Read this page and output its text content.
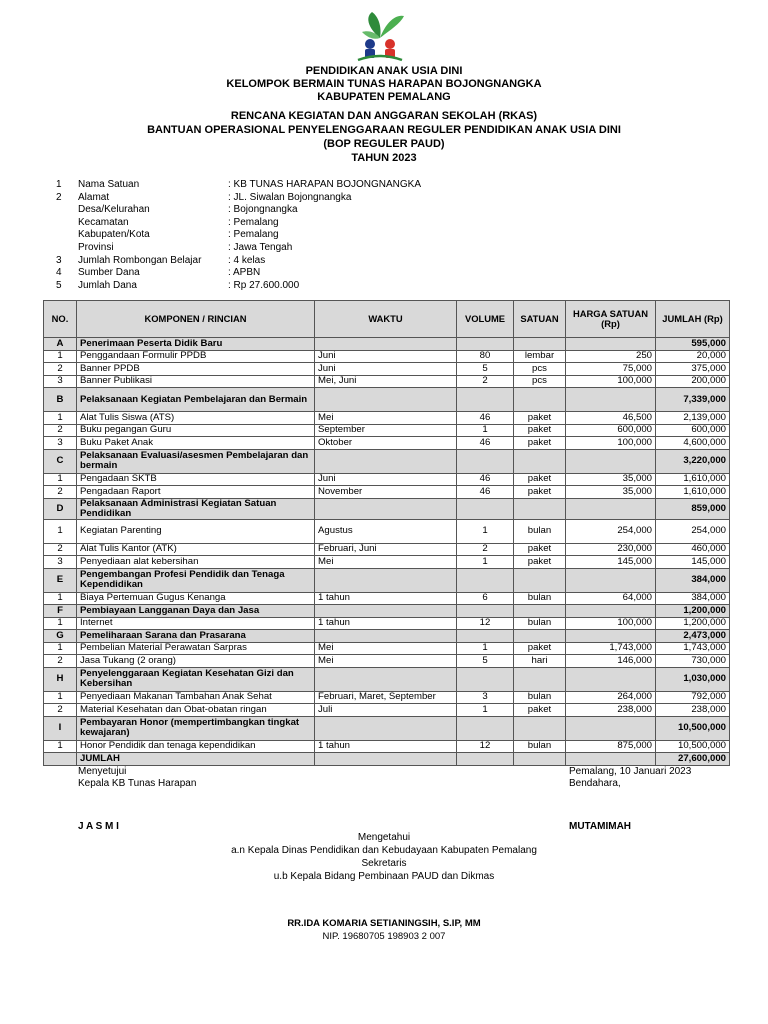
PENDIDIKAN ANAK USIA DINI
KELOMPOK BERMAIN TUNAS HARAPAN BOJONGNANGKA
KABUPATEN PEMALANG
RENCANA KEGIATAN DAN ANGGARAN SEKOLAH (RKAS)
BANTUAN OPERASIONAL PENYELENGGARAAN REGULER PENDIDIKAN ANAK USIA DINI
(BOP REGULER PAUD)
TAHUN 2023
1	Nama Satuan	: KB TUNAS HARAPAN BOJONGNANGKA
2	Alamat	: JL. Siwalan Bojongnangka
Desa/Kelurahan	: Bojongnangka
Kecamatan	: Pemalang
Kabupaten/Kota	: Pemalang
Provinsi	: Jawa Tengah
3	Jumlah Rombongan Belajar	: 4 kelas
4	Sumber Dana	: APBN
5	Jumlah Dana	: Rp 27.600.000
NO.	KOMPONEN / RINCIAN	WAKTU	VOLUME	SATUAN	HARGA SATUAN (Rp)	JUMLAH (Rp)
A	Penerimaan Peserta Didik Baru					595,000
1	Penggandaan Formulir PPDB	Juni	80	lembar	250	20,000
2	Banner PPDB	Juni	5	pcs	75,000	375,000
3	Banner Publikasi	Mei, Juni	2	pcs	100,000	200,000
B	Pelaksanaan Kegiatan Pembelajaran dan Bermain					7,339,000
1	Alat Tulis Siswa (ATS)	Mei	46	paket	46,500	2,139,000
2	Buku pegangan Guru	September	1	paket	600,000	600,000
3	Buku Paket Anak	Oktober	46	paket	100,000	4,600,000
C	Pelaksanaan Evaluasi/asesmen Pembelajaran dan bermain					3,220,000
1	Pengadaan SKTB	Juni	46	paket	35,000	1,610,000
2	Pengadaan Raport	November	46	paket	35,000	1,610,000
D	Pelaksanaan Administrasi Kegiatan Satuan Pendidikan					859,000
1	Kegiatan Parenting	Agustus	1	bulan	254,000	254,000
2	Alat Tulis Kantor (ATK)	Februari, Juni	2	paket	230,000	460,000
3	Penyediaan alat kebersihan	Mei	1	paket	145,000	145,000
E	Pengembangan Profesi Pendidik dan Tenaga Kependidikan					384,000
1	Biaya Pertemuan Gugus Kenanga	1 tahun	6	bulan	64,000	384,000
F	Pembiayaan Langganan Daya dan Jasa					1,200,000
1	Internet	1 tahun	12	bulan	100,000	1,200,000
G	Pemeliharaan Sarana dan Prasarana					2,473,000
1	Pembelian Material Perawatan Sarpras	Mei	1	paket	1,743,000	1,743,000
2	Jasa Tukang (2 orang)	Mei	5	hari	146,000	730,000
H	Penyelenggaraan Kegiatan Kesehatan Gizi dan Kebersihan					1,030,000
1	Penyediaan Makanan Tambahan Anak Sehat	Februari, Maret, September	3	bulan	264,000	792,000
2	Material Kesehatan dan Obat-obatan ringan	Juli	1	paket	238,000	238,000
I	Pembayaran Honor (mempertimbangkan tingkat kewajaran)					10,500,000
1	Honor Pendidik dan tenaga kependidikan	1 tahun	12	bulan	875,000	10,500,000
	JUMLAH					27,600,000
Menyetujui
Kepala KB Tunas Harapan
J A S M I
Pemalang, 10 Januari 2023
Bendahara,
MUTAMIMAH
Mengetahui
a.n Kepala Dinas Pendidikan dan Kebudayaan Kabupaten Pemalang
Sekretaris
u.b Kepala Bidang Pembinaan PAUD dan Dikmas
RR.IDA KOMARIA SETIANINGSIH, S.IP, MM
NIP. 19680705 198903 2 007
